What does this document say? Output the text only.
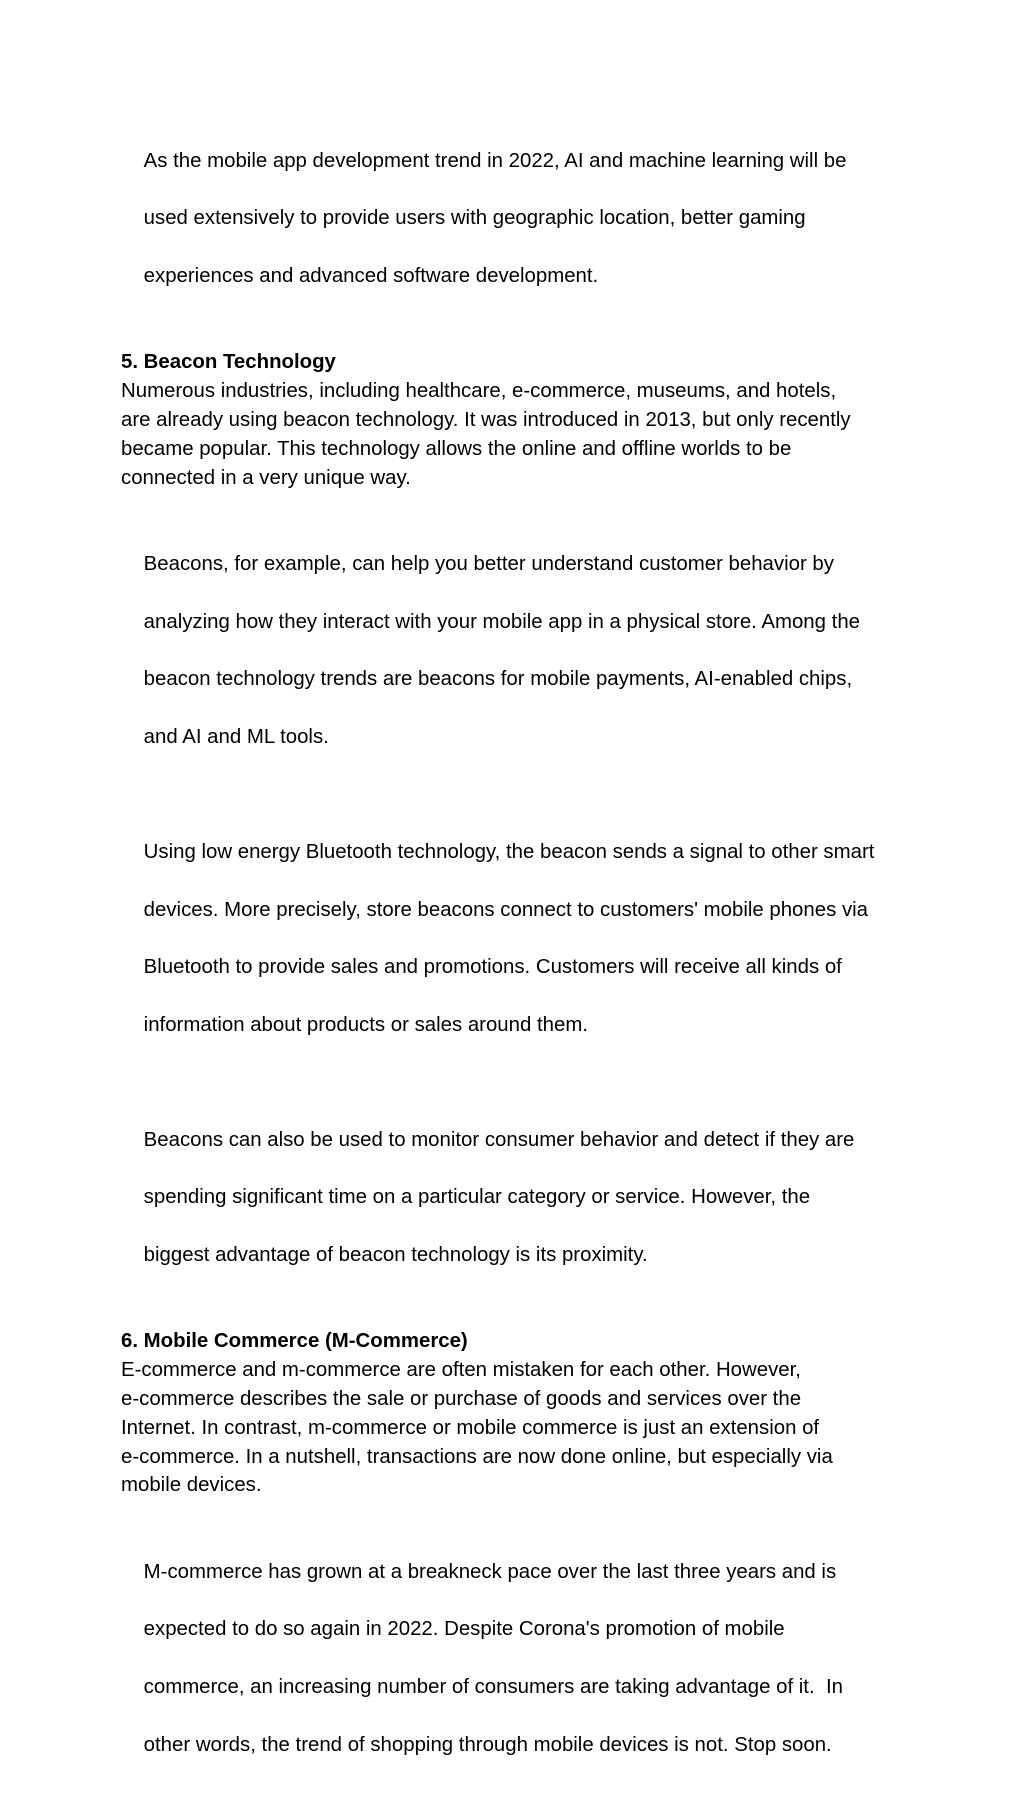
As the mobile app development trend in 2022, AI and machine learning will be

used extensively to provide users with geographic location, better gaming

experiences and advanced software development.

5. Beacon Technology

Numerous industries, including healthcare, e-commerce, museums, and hotels,
are already using beacon technology. It was introduced in 2013, but only recently
became popular. This technology allows the online and offline worlds to be
connected in a very unique way.

Beacons, for example, can help you better understand customer behavior by

analyzing how they interact with your mobile app in a physical store. Among the

beacon technology trends are beacons for mobile payments, AI-enabled chips,

and AI and ML tools.

Using low energy Bluetooth technology, the beacon sends a signal to other smart

devices. More precisely, store beacons connect to customers' mobile phones via

Bluetooth to provide sales and promotions. Customers will receive all kinds of

information about products or sales around them.

Beacons can also be used to monitor consumer behavior and detect if they are

spending significant time on a particular category or service. However, the

biggest advantage of beacon technology is its proximity.

6. Mobile Commerce (M-Commerce)

E-commerce and m-commerce are often mistaken for each other. However,
e-commerce describes the sale or purchase of goods and services over the
Internet. In contrast, m-commerce or mobile commerce is just an extension of
e-commerce. In a nutshell, transactions are now done online, but especially via
mobile devices.

M-commerce has grown at a breakneck pace over the last three years and is

expected to do so again in 2022. Despite Corona's promotion of mobile

commerce, an increasing number of consumers are taking advantage of it.  In

other words, the trend of shopping through mobile devices is not. Stop soon.
